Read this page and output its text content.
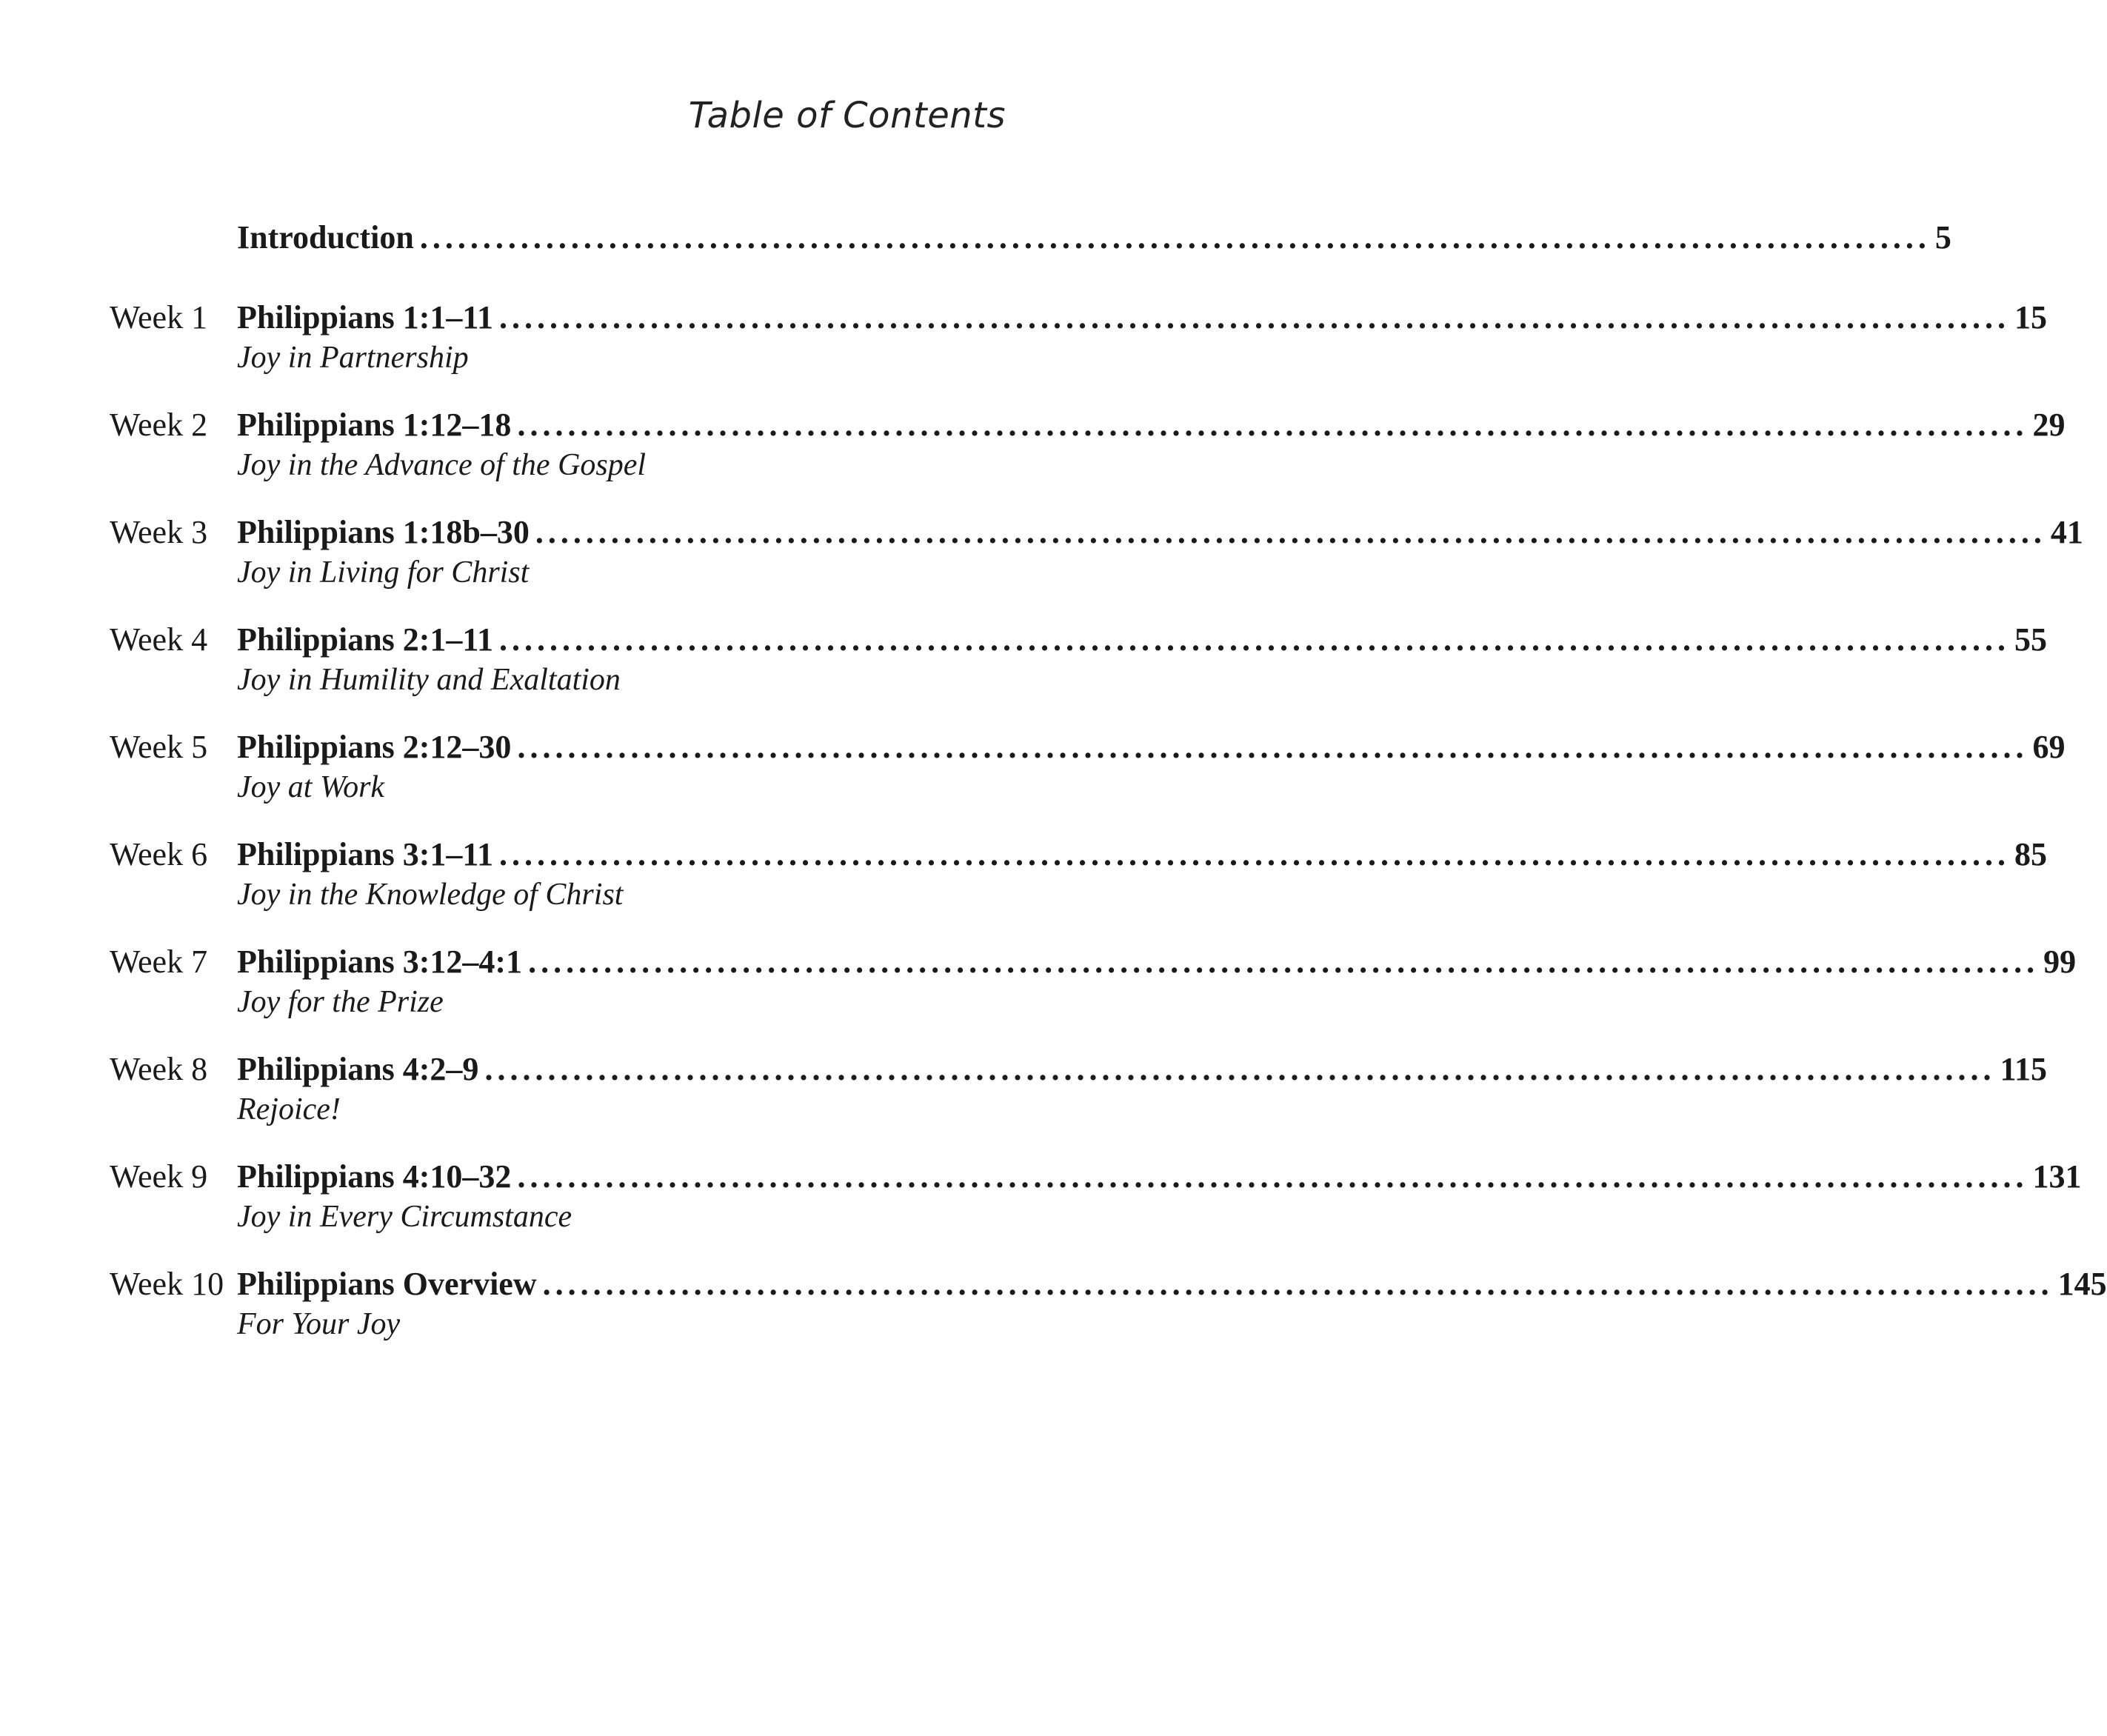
Table of Contents
Introduction ........................................................................................................................ 5
Week 1 Philippians 1:1–11 ........................................................................................................................ 15
Joy in Partnership
Week 2 Philippians 1:12–18 ........................................................................................................................ 29
Joy in the Advance of the Gospel
Week 3 Philippians 1:18b–30 ........................................................................................................................ 41
Joy in Living for Christ
Week 4 Philippians 2:1–11 ........................................................................................................................ 55
Joy in Humility and Exaltation
Week 5 Philippians 2:12–30 ........................................................................................................................ 69
Joy at Work
Week 6 Philippians 3:1–11 ........................................................................................................................ 85
Joy in the Knowledge of Christ
Week 7 Philippians 3:12–4:1 ........................................................................................................................ 99
Joy for the Prize
Week 8 Philippians 4:2–9 ........................................................................................................................ 115
Rejoice!
Week 9 Philippians 4:10–32 ........................................................................................................................ 131
Joy in Every Circumstance
Week 10 Philippians Overview ........................................................................................................................ 145
For Your Joy
